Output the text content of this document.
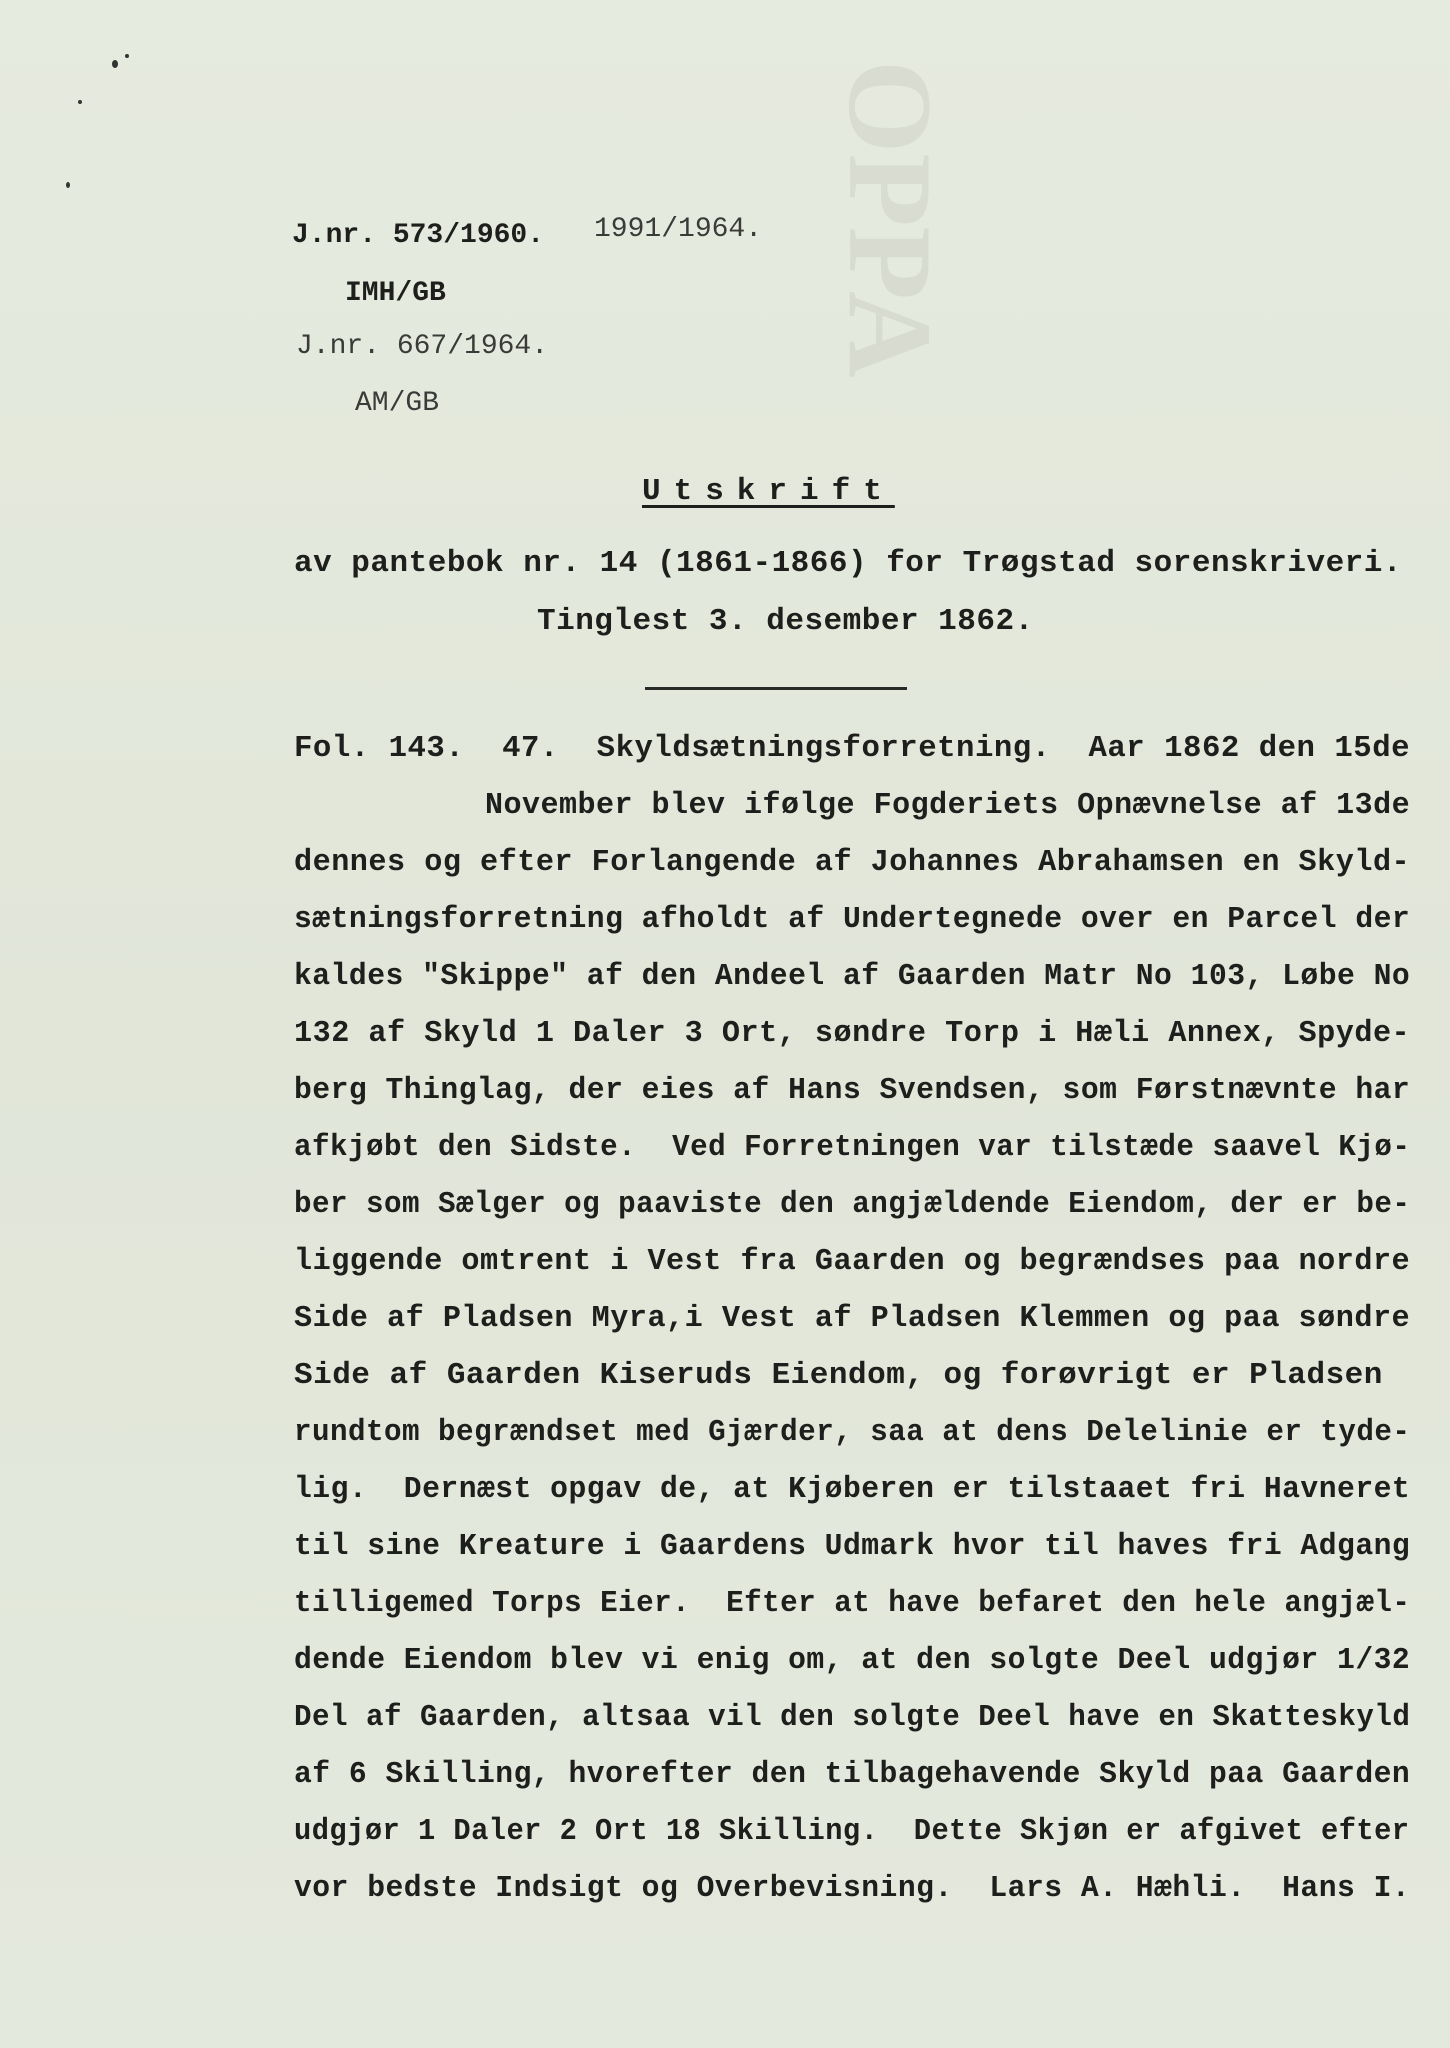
OPPA
J.nr. 573/1960. 1991/1964.
IMH/GB
J.nr. 667/1964.
AM/GB
Utskrift
av pantebok nr. 14 (1861-1866) for Trøgstad sorenskriveri.
Tinglest 3. desember 1862.
Fol. 143.  47.  Skyldsætningsforretning.  Aar 1862 den 15de
November blev ifølge Fogderiets Opnævnelse af 13de
dennes og efter Forlangende af Johannes Abrahamsen en Skyld-
sætningsforretning afholdt af Undertegnede over en Parcel der
kaldes "Skippe" af den Andeel af Gaarden Matr No 103, Løbe No
132 af Skyld 1 Daler 3 Ort, søndre Torp i Hæli Annex, Spyde-
berg Thinglag, der eies af Hans Svendsen, som Førstnævnte har
afkjøbt den Sidste.  Ved Forretningen var tilstæde saavel Kjø-
ber som Sælger og paaviste den angjældende Eiendom, der er be-
liggende omtrent i Vest fra Gaarden og begrændses paa nordre
Side af Pladsen Myra,i Vest af Pladsen Klemmen og paa søndre
Side af Gaarden Kiseruds Eiendom, og forøvrigt er Pladsen
rundtom begrændset med Gjærder, saa at dens Delelinie er tyde-
lig.  Dernæst opgav de, at Kjøberen er tilstaaet fri Havneret
til sine Kreature i Gaardens Udmark hvor til haves fri Adgang
tilligemed Torps Eier.  Efter at have befaret den hele angjæl-
dende Eiendom blev vi enig om, at den solgte Deel udgjør 1/32
Del af Gaarden, altsaa vil den solgte Deel have en Skatteskyld
af 6 Skilling, hvorefter den tilbagehavende Skyld paa Gaarden
udgjør 1 Daler 2 Ort 18 Skilling.  Dette Skjøn er afgivet efter
vor bedste Indsigt og Overbevisning.  Lars A. Hæhli.  Hans I.
